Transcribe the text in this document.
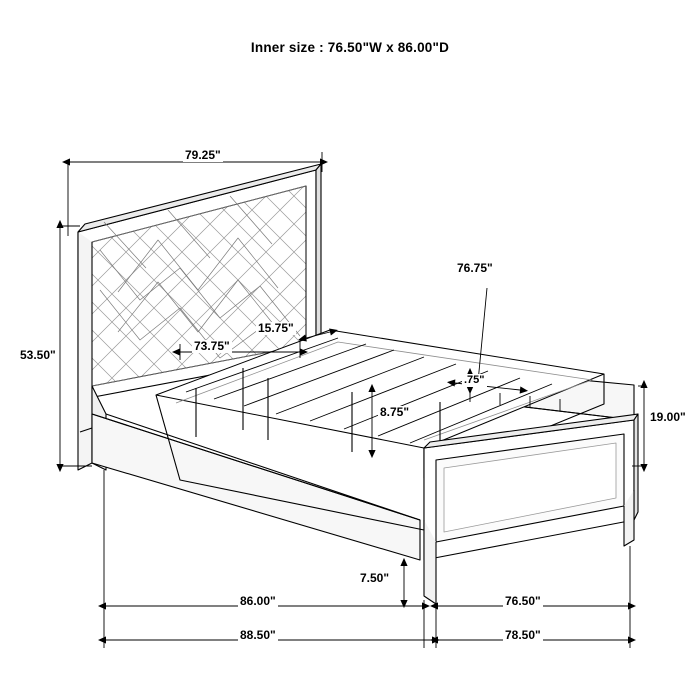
Inner size : 76.50"W x 86.00"D
79.25"
53.50"
73.75"
15.75"
76.75"
.75"
8.75"	19.00"
7.50"
86.00"	76.50"
88.50"	78.50"
